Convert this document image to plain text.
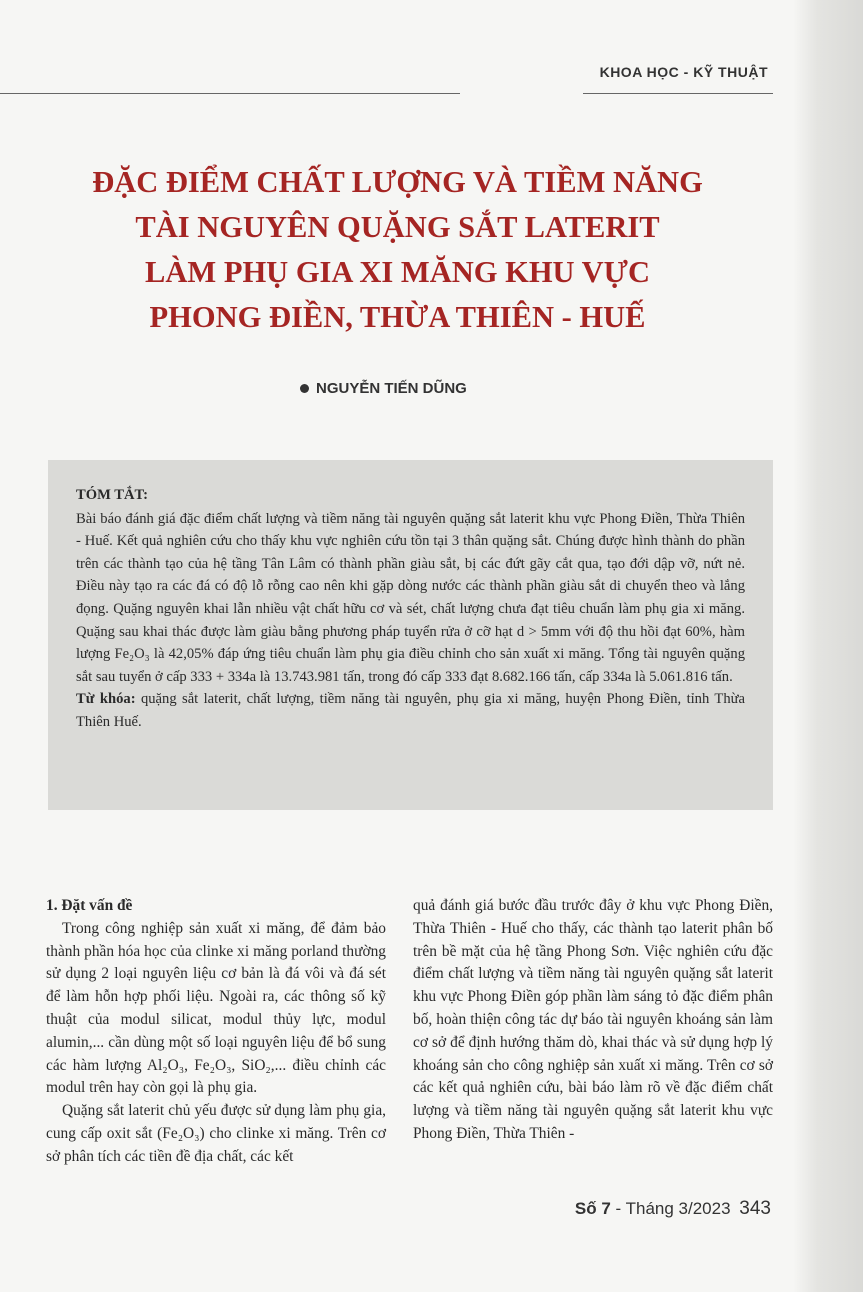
KHOA HỌC - KỸ THUẬT
ĐẶC ĐIỂM CHẤT LƯỢNG VÀ TIỀM NĂNG
TÀI NGUYÊN QUẶNG SẮT LATERIT
LÀM PHỤ GIA XI MĂNG KHU VỰC
PHONG ĐIỀN, THỪA THIÊN - HUẾ
NGUYỄN TIẾN DŨNG
TÓM TẮT:
Bài báo đánh giá đặc điểm chất lượng và tiềm năng tài nguyên quặng sắt laterit khu vực Phong Điền, Thừa Thiên - Huế. Kết quả nghiên cứu cho thấy khu vực nghiên cứu tồn tại 3 thân quặng sắt. Chúng được hình thành do phần trên các thành tạo của hệ tầng Tân Lâm có thành phần giàu sắt, bị các đứt gãy cắt qua, tạo đới dập vỡ, nứt nẻ. Điều này tạo ra các đá có độ lỗ rỗng cao nên khi gặp dòng nước các thành phần giàu sắt di chuyển theo và lắng đọng. Quặng nguyên khai lẫn nhiều vật chất hữu cơ và sét, chất lượng chưa đạt tiêu chuẩn làm phụ gia xi măng. Quặng sau khai thác được làm giàu bằng phương pháp tuyển rửa ở cỡ hạt d > 5mm với độ thu hồi đạt 60%, hàm lượng Fe₂O₃ là 42,05% đáp ứng tiêu chuẩn làm phụ gia điều chỉnh cho sản xuất xi măng. Tổng tài nguyên quặng sắt sau tuyển ở cấp 333 + 334a là 13.743.981 tấn, trong đó cấp 333 đạt 8.682.166 tấn, cấp 334a là 5.061.816 tấn.
Từ khóa: quặng sắt laterit, chất lượng, tiềm năng tài nguyên, phụ gia xi măng, huyện Phong Điền, tỉnh Thừa Thiên Huế.

1. Đặt vấn đề

Trong công nghiệp sản xuất xi măng, để đảm bảo thành phần hóa học của clinke xi măng porland thường sử dụng 2 loại nguyên liệu cơ bản là đá vôi và đá sét để làm hỗn hợp phối liệu. Ngoài ra, các thông số kỹ thuật của modul silicat, modul thủy lực, modul alumin,... cần dùng một số loại nguyên liệu để bổ sung các hàm lượng Al₂O₃, Fe₂O₃, SiO₂,... điều chỉnh các modul trên hay còn gọi là phụ gia.

Quặng sắt laterit chủ yếu được sử dụng làm phụ gia, cung cấp oxit sắt (Fe₂O₃) cho clinke xi măng. Trên cơ sở phân tích các tiền đề địa chất, các kết

quả đánh giá bước đầu trước đây ở khu vực Phong Điền, Thừa Thiên - Huế cho thấy, các thành tạo laterit phân bố trên bề mặt của hệ tầng Phong Sơn. Việc nghiên cứu đặc điểm chất lượng và tiềm năng tài nguyên quặng sắt laterit khu vực Phong Điền góp phần làm sáng tỏ đặc điểm phân bố, hoàn thiện công tác dự báo tài nguyên khoáng sản làm cơ sở để định hướng thăm dò, khai thác và sử dụng hợp lý khoáng sản cho công nghiệp sản xuất xi măng. Trên cơ sở các kết quả nghiên cứu, bài báo làm rõ về đặc điểm chất lượng và tiềm năng tài nguyên quặng sắt laterit khu vực Phong Điền, Thừa Thiên -

Số 7 - Tháng 3/2023 343
